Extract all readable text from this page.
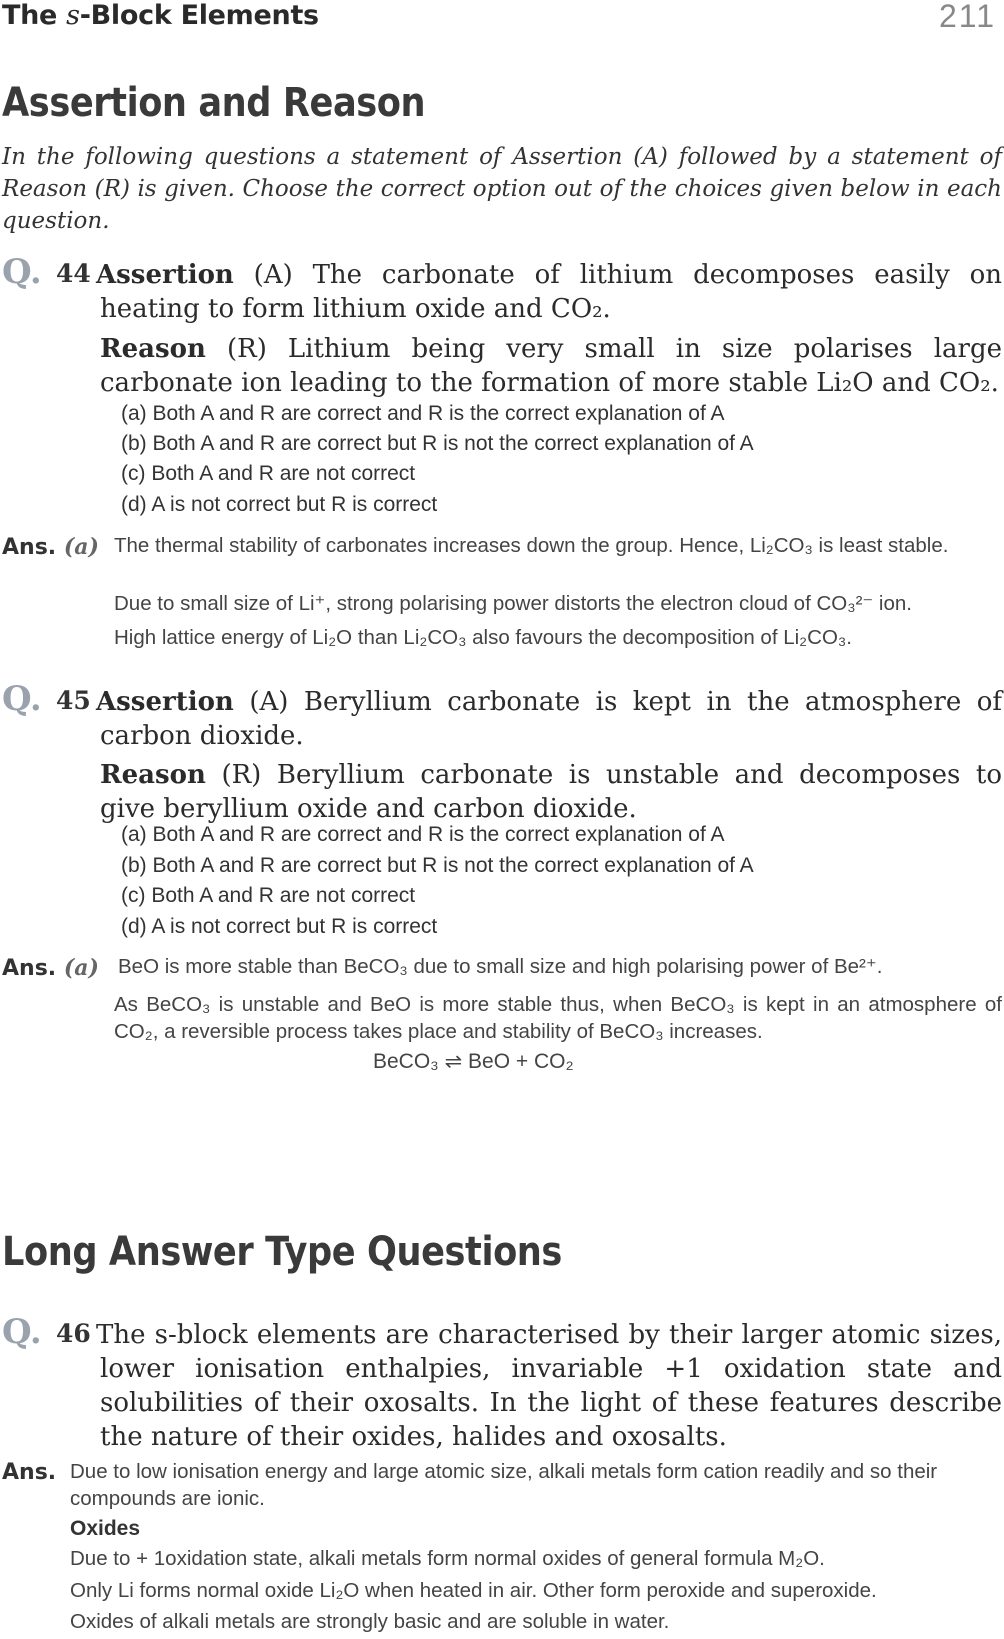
The s-Block Elements	211
Assertion and Reason
In the following questions a statement of Assertion (A) followed by a statement of Reason (R) is given. Choose the correct option out of the choices given below in each question.
Q. 44 Assertion (A) The carbonate of lithium decomposes easily on heating to form lithium oxide and CO₂.
Reason (R) Lithium being very small in size polarises large carbonate ion leading to the formation of more stable Li₂O and CO₂.
(a) Both A and R are correct and R is the correct explanation of A
(b) Both A and R are correct but R is not the correct explanation of A
(c) Both A and R are not correct
(d) A is not correct but R is correct
Ans. (a) The thermal stability of carbonates increases down the group. Hence, Li₂CO₃ is least stable.
Due to small size of Li⁺, strong polarising power distorts the electron cloud of CO₃²⁻ ion.
High lattice energy of Li₂O than Li₂CO₃ also favours the decomposition of Li₂CO₃.
Q. 45 Assertion (A) Beryllium carbonate is kept in the atmosphere of carbon dioxide.
Reason (R) Beryllium carbonate is unstable and decomposes to give beryllium oxide and carbon dioxide.
(a) Both A and R are correct and R is the correct explanation of A
(b) Both A and R are correct but R is not the correct explanation of A
(c) Both A and R are not correct
(d) A is not correct but R is correct
Ans. (a) BeO is more stable than BeCO₃ due to small size and high polarising power of Be²⁺.
As BeCO₃ is unstable and BeO is more stable thus, when BeCO₃ is kept in an atmosphere of CO₂, a reversible process takes place and stability of BeCO₃ increases.
BeCO₃ ⇌ BeO + CO₂
Long Answer Type Questions
Q. 46 The s-block elements are characterised by their larger atomic sizes, lower ionisation enthalpies, invariable +1 oxidation state and solubilities of their oxosalts. In the light of these features describe the nature of their oxides, halides and oxosalts.
Ans. Due to low ionisation energy and large atomic size, alkali metals form cation readily and so their compounds are ionic.
Oxides
Due to + 1oxidation state, alkali metals form normal oxides of general formula M₂O.
Only Li forms normal oxide Li₂O when heated in air. Other form peroxide and superoxide.
Oxides of alkali metals are strongly basic and are soluble in water.
